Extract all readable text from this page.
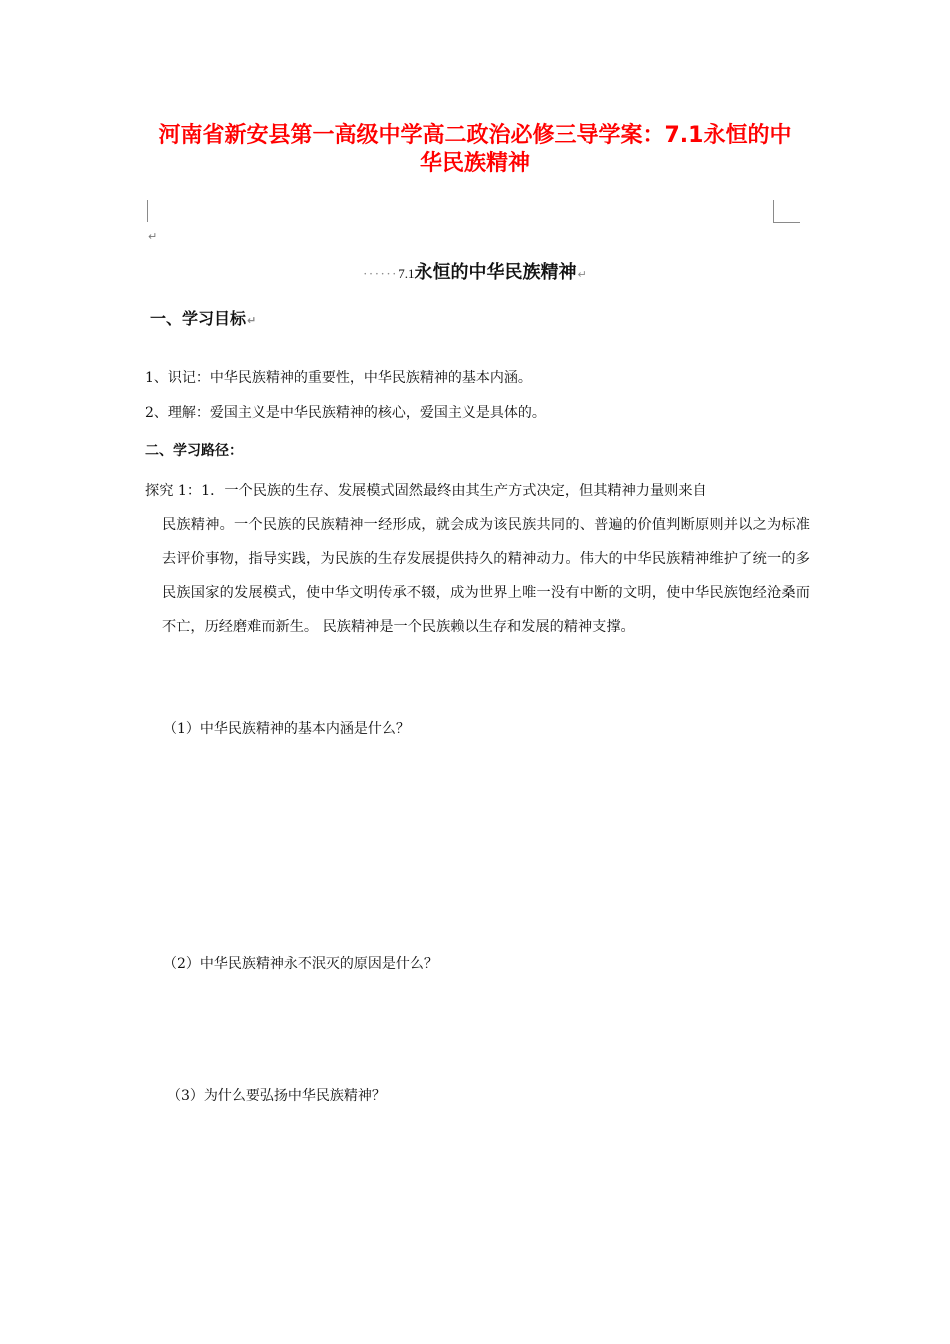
河南省新安县第一高级中学高二政治必修三导学案：7.1永恒的中
华民族精神
↵
······7.1永恒的中华民族精神↵
一、学习目标↵
1、识记：中华民族精神的重要性，中华民族精神的基本内涵。
2、理解：爱国主义是中华民族精神的核心，爱国主义是具体的。
二、学习路径：
探究 1：1．一个民族的生存、发展模式固然最终由其生产方式决定，但其精神力量则来自
民族精神。一个民族的民族精神一经形成，就会成为该民族共同的、普遍的价值判断原则并以之为标准去评价事物，指导实践，为民族的生存发展提供持久的精神动力。伟大的中华民族精神维护了统一的多民族国家的发展模式，使中华文明传承不辍，成为世界上唯一没有中断的文明，使中华民族饱经沧桑而不亡，历经磨难而新生。 民族精神是一个民族赖以生存和发展的精神支撑。
（1）中华民族精神的基本内涵是什么？
（2）中华民族精神永不泯灭的原因是什么？
（3）为什么要弘扬中华民族精神？
